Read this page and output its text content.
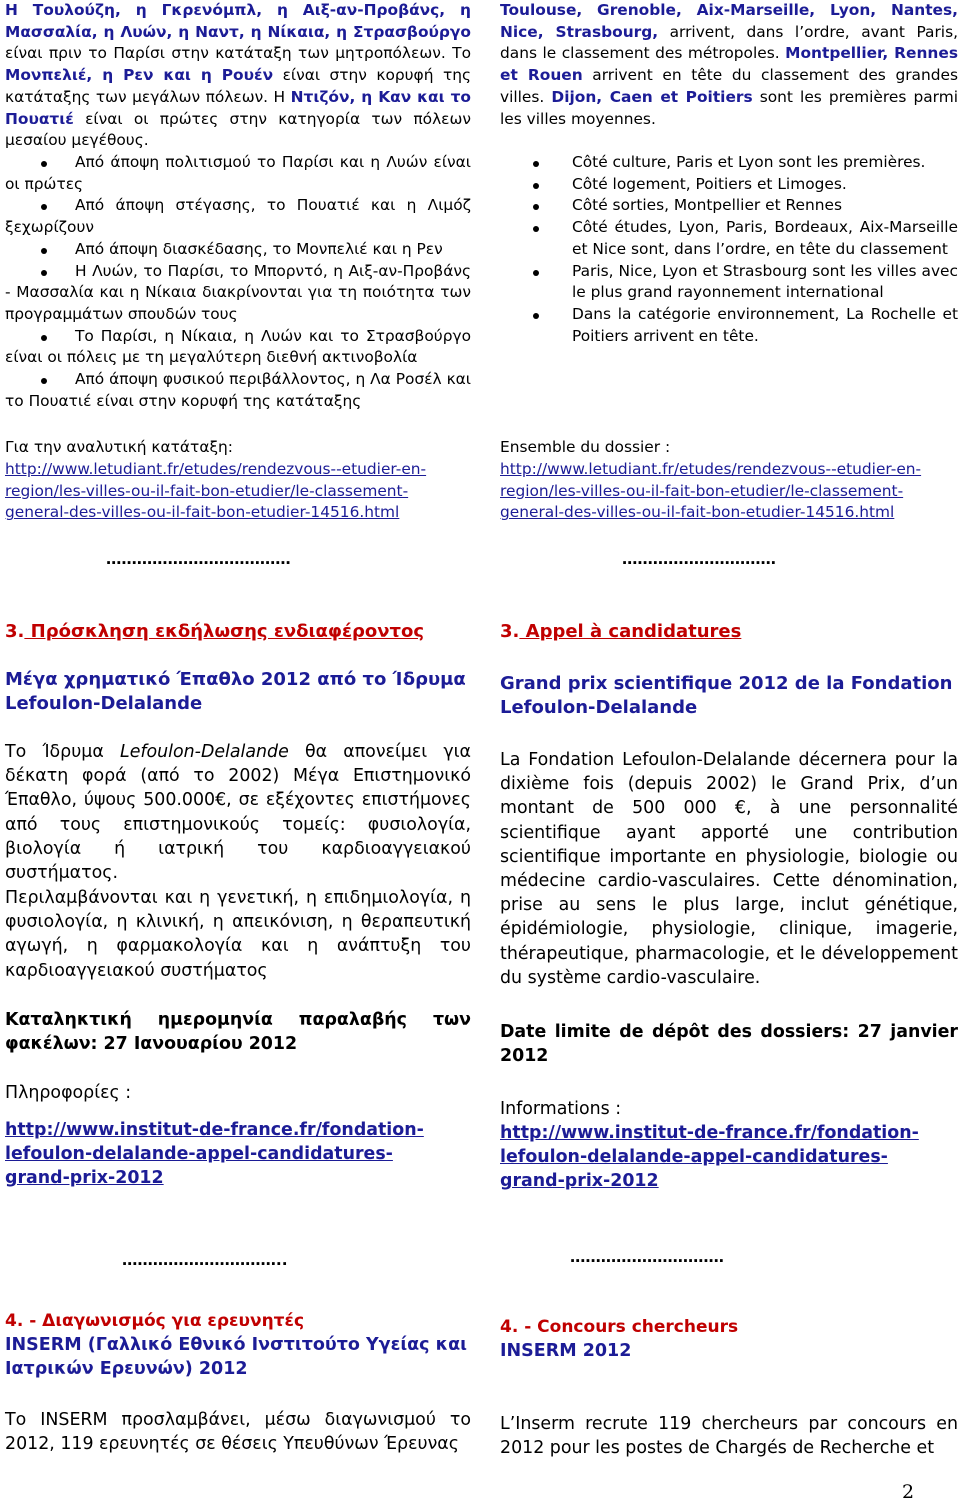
Η Τουλούζη, η Γκρενόμπλ, η Αιξ-αν-Προβάνς, η Μασσαλία, η Λυών, η Ναντ, η Νίκαια, η Στρασβούργο είναι πριν το Παρίσι στην κατάταξη των μητροπόλεων. Το Μονπελιέ, η Ρεν και η Ρουέν είναι στην κορυφή της κατάταξης των μεγάλων πόλεων. Η Ντιζόν, η Καν και το Πουατιέ είναι οι πρώτες στην κατηγορία των πόλεων μεσαίου μεγέθους.

Από άποψη πολιτισμού το Παρίσι και η Λυών είναι οι πρώτες
Από άποψη στέγασης, το Πουατιέ και η Λιμόζ ξεχωρίζουν
Από άποψη διασκέδασης, το Μονπελιέ και η Ρεν
Η Λυών, το Παρίσι, το Μπορντό, η Αιξ-αν-Προβάνς - Μασσαλία και η Νίκαια διακρίνονται για τη ποιότητα των προγραμμάτων σπουδών τους
Το Παρίσι, η Νίκαια, η Λυών και το Στρασβούργο είναι οι πόλεις με τη μεγαλύτερη διεθνή ακτινοβολία
Από άποψη φυσικού περιβάλλοντος, η Λα Ροσέλ και το Πουατιέ είναι στην κορυφή της κατάταξης

Για την αναλυτική κατάταξη:

http://www.letudiant.fr/etudes/rendezvous--etudier-en-
region/les-villes-ou-il-fait-bon-etudier/le-classement-
general-des-villes-ou-il-fait-bon-etudier-14516.html

………………………………

3. Πρόσκληση εκδήλωσης ενδιαφέροντος

Μέγα χρηματικό Έπαθλο 2012 από το Ίδρυμα Lefoulon-Delalande

Το Ίδρυμα Lefoulon-Delalande θα απονείμει για δέκατη φορά (από το 2002) Μέγα Επιστημονικό Έπαθλο, ύψους 500.000€, σε εξέχοντες επιστήμονες από τους επιστημονικούς τομείς: φυσιολογία, βιολογία ή ιατρική του καρδιοαγγειακού συστήματος.

Περιλαμβάνονται και η γενετική, η επιδημιολογία, η φυσιολογία, η κλινική, η απεικόνιση, η θεραπευτική αγωγή, η φαρμακολογία και η ανάπτυξη του καρδιοαγγειακού συστήματος

Καταληκτική ημερομηνία παραλαβής των φακέλων: 27 Ιανουαρίου 2012

Πληροφορίες :

http://www.institut-de-france.fr/fondation-
lefoulon-delalande-appel-candidatures-
grand-prix-2012

…………………………..

4. - Διαγωνισμός για ερευνητές

INSERM (Γαλλικό Εθνικό Ινστιτούτο Υγείας και Ιατρικών Ερευνών) 2012

Το INSERM προσλαμβάνει, μέσω διαγωνισμού το 2012, 119 ερευνητές σε θέσεις Υπευθύνων Έρευνας

Toulouse, Grenoble, Aix-Marseille, Lyon, Nantes, Nice, Strasbourg, arrivent, dans l’ordre, avant Paris, dans le classement des métropoles. Montpellier, Rennes et Rouen arrivent en tête du classement des grandes villes. Dijon, Caen et Poitiers sont les premières parmi les villes moyennes.

Côté culture, Paris et Lyon sont les premières.
Côté logement, Poitiers et Limoges.
Côté sorties, Montpellier et Rennes
Côté études, Lyon, Paris, Bordeaux, Aix-Marseille et Nice sont, dans l’ordre, en tête du classement
Paris, Nice, Lyon et Strasbourg sont les villes avec le plus grand rayonnement international
Dans la catégorie environnement, La Rochelle et Poitiers arrivent en tête.

Ensemble du dossier :

http://www.letudiant.fr/etudes/rendezvous--etudier-en-
region/les-villes-ou-il-fait-bon-etudier/le-classement-
general-des-villes-ou-il-fait-bon-etudier-14516.html

…………………………

3. Appel à candidatures

Grand prix scientifique 2012 de la Fondation Lefoulon-Delalande

La Fondation Lefoulon-Delalande décernera pour la dixième fois (depuis 2002) le Grand Prix, d’un montant de 500 000 €, à une personnalité scientifique ayant apporté une contribution scientifique importante en physiologie, biologie ou médecine cardio-vasculaires. Cette dénomination, prise au sens le plus large, inclut génétique, épidémiologie, physiologie, clinique, imagerie, thérapeutique, pharmacologie, et le développement du système cardio-vasculaire.

Date limite de dépôt des dossiers: 27 janvier 2012

Informations :

http://www.institut-de-france.fr/fondation-
lefoulon-delalande-appel-candidatures-
grand-prix-2012

…………………………

4. - Concours chercheurs

INSERM 2012

L’Inserm recrute 119 chercheurs par concours en 2012 pour les postes de Chargés de Recherche et

2
